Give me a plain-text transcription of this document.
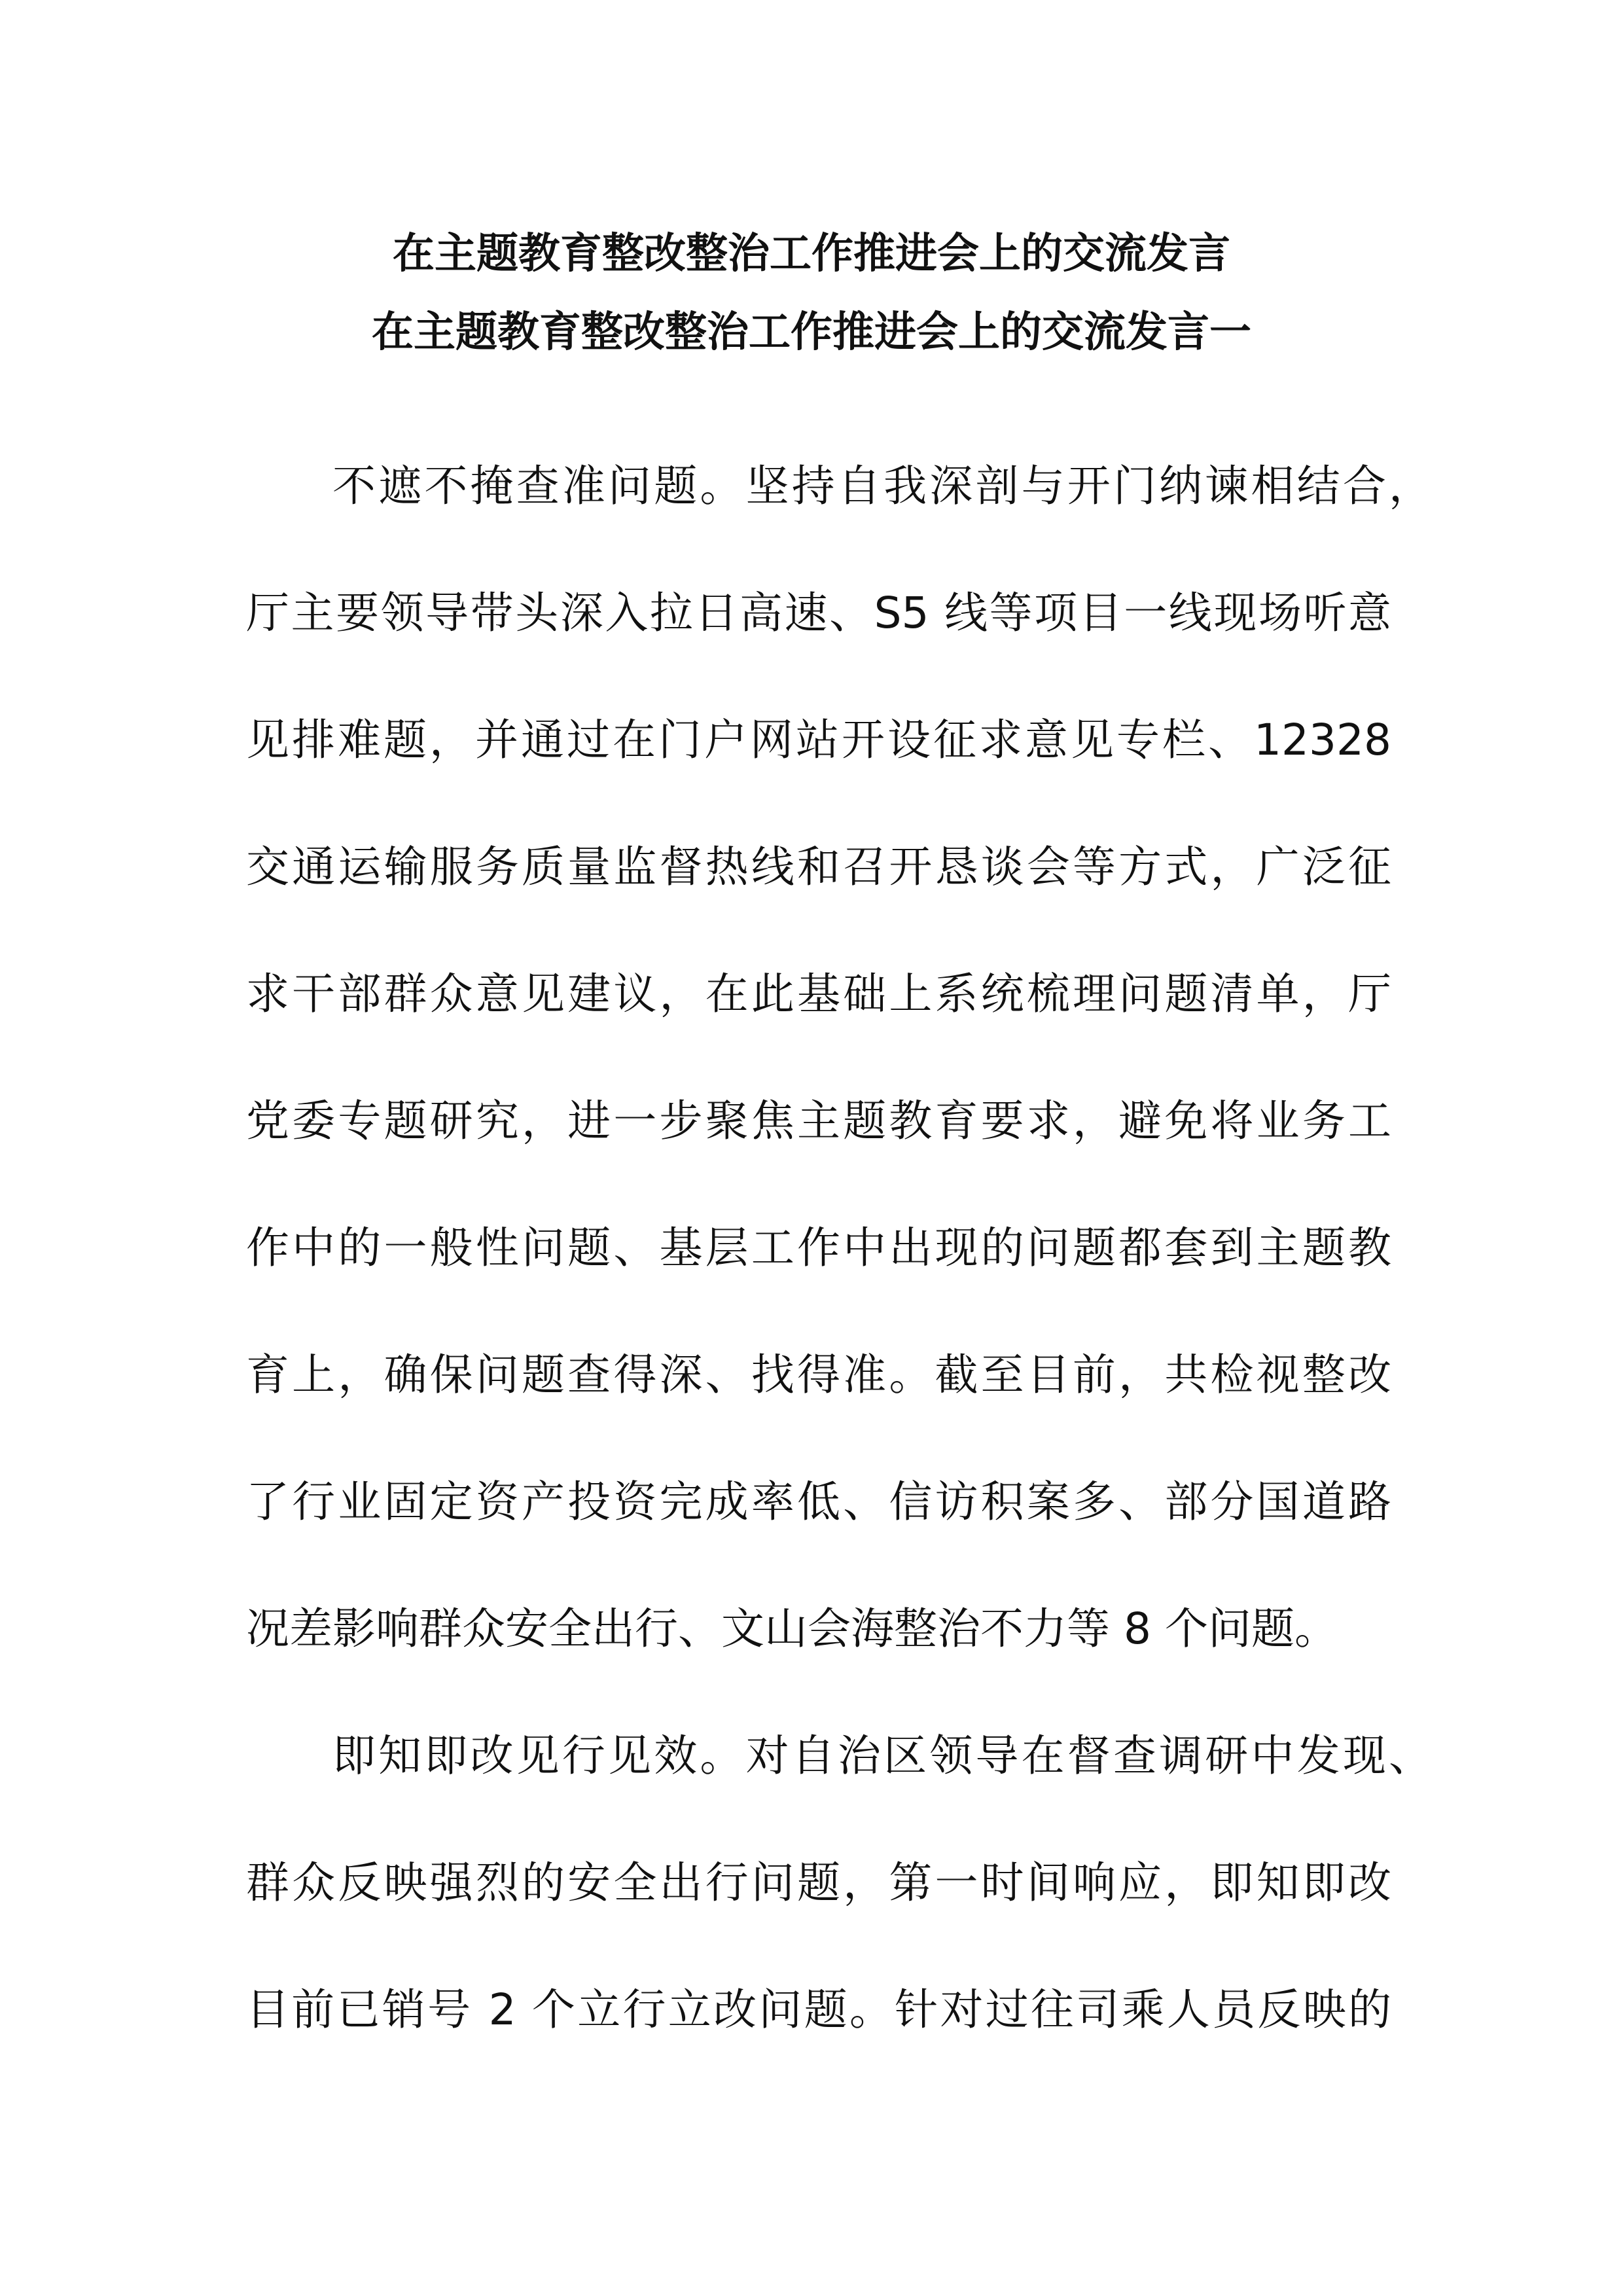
在主题教育整改整治工作推进会上的交流发言
在主题教育整改整治工作推进会上的交流发言一
不遮不掩查准问题。坚持自我深剖与开门纳谏相结合，
厅主要领导带头深入拉日高速、S5 线等项目一线现场听意
见排难题，并通过在门户网站开设征求意见专栏、12328
交通运输服务质量监督热线和召开恳谈会等方式，广泛征
求干部群众意见建议，在此基础上系统梳理问题清单，厅
党委专题研究，进一步聚焦主题教育要求，避免将业务工
作中的一般性问题、基层工作中出现的问题都套到主题教
育上，确保问题查得深、找得准。截至目前，共检视整改
了行业固定资产投资完成率低、信访积案多、部分国道路
况差影响群众安全出行、文山会海整治不力等 8 个问题。
即知即改见行见效。对自治区领导在督查调研中发现、
群众反映强烈的安全出行问题，第一时间响应，即知即改
目前已销号 2 个立行立改问题。针对过往司乘人员反映的
